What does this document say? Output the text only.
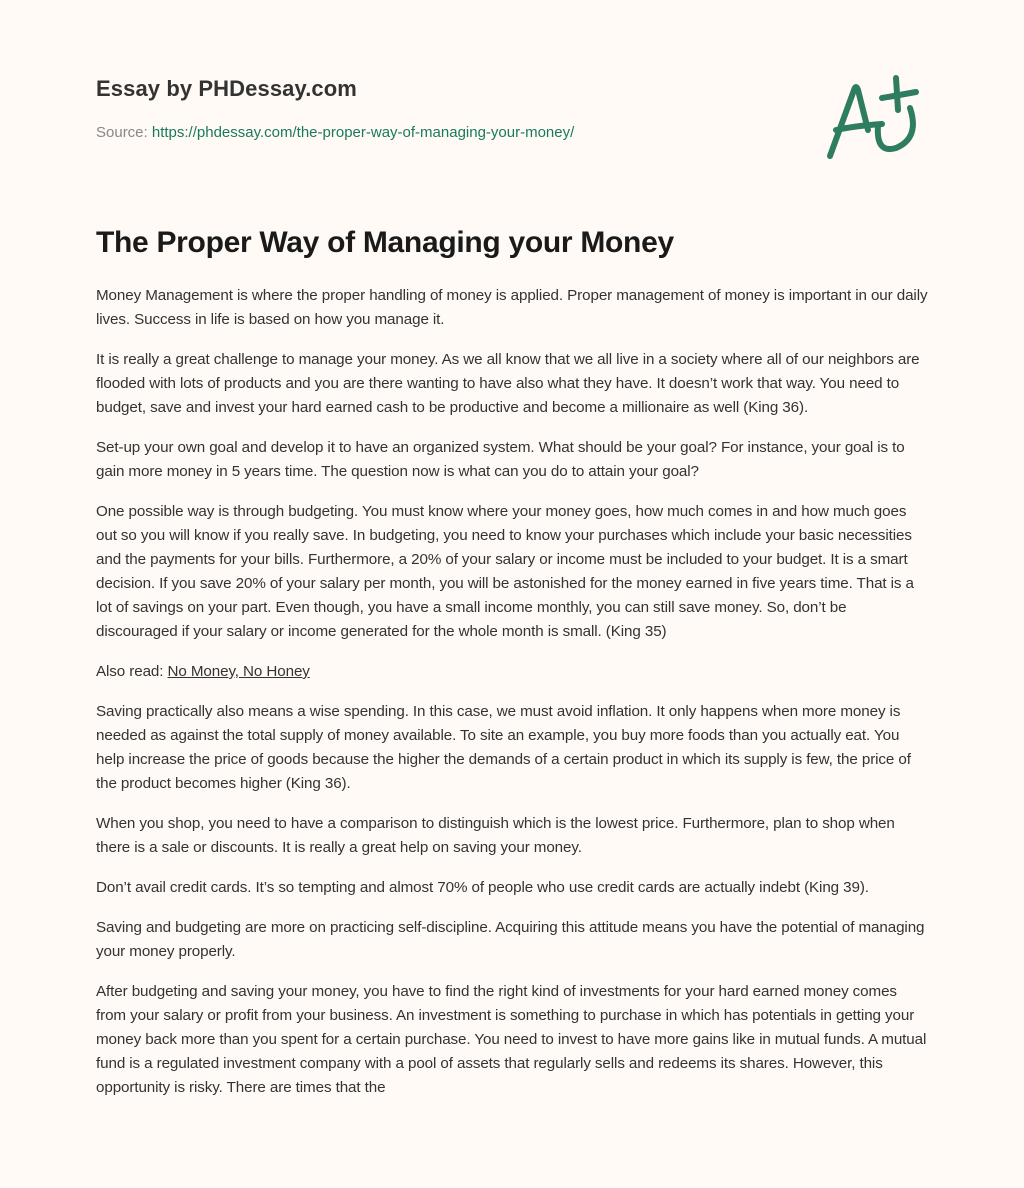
Essay by PHDessay.com

Source: https://phdessay.com/the-proper-way-of-managing-your-money/

The Proper Way of Managing your Money

Money Management is where the proper handling of money is applied. Proper management of money is important in our daily lives. Success in life is based on how you manage it.

It is really a great challenge to manage your money. As we all know that we all live in a society where all of our neighbors are flooded with lots of products and you are there wanting to have also what they have. It doesn’t work that way. You need to budget, save and invest your hard earned cash to be productive and become a millionaire as well (King 36).

Set-up your own goal and develop it to have an organized system. What should be your goal? For instance, your goal is to gain more money in 5 years time. The question now is what can you do to attain your goal?

One possible way is through budgeting. You must know where your money goes, how much comes in and how much goes out so you will know if you really save. In budgeting, you need to know your purchases which include your basic necessities and the payments for your bills. Furthermore, a 20% of your salary or income must be included to your budget. It is a smart decision. If you save 20% of your salary per month, you will be astonished for the money earned in five years time. That is a lot of savings on your part. Even though, you have a small income monthly, you can still save money. So, don’t be discouraged if your salary or income generated for the whole month is small. (King 35)

Also read: No Money, No Honey

Saving practically also means a wise spending. In this case, we must avoid inflation. It only happens when more money is needed as against the total supply of money available. To site an example, you buy more foods than you actually eat. You help increase the price of goods because the higher the demands of a certain product in which its supply is few, the price of the product becomes higher (King 36).

When you shop, you need to have a comparison to distinguish which is the lowest price. Furthermore, plan to shop when there is a sale or discounts. It is really a great help on saving your money.

Don’t avail credit cards. It’s so tempting and almost 70% of people who use credit cards are actually indebt (King 39).

Saving and budgeting are more on practicing self-discipline. Acquiring this attitude means you have the potential of managing your money properly.

After budgeting and saving your money, you have to find the right kind of investments for your hard earned money comes from your salary or profit from your business. An investment is something to purchase in which has potentials in getting your money back more than you spent for a certain purchase. You need to invest to have more gains like in mutual funds. A mutual fund is a regulated investment company with a pool of assets that regularly sells and redeems its shares. However, this opportunity is risky. There are times that the
